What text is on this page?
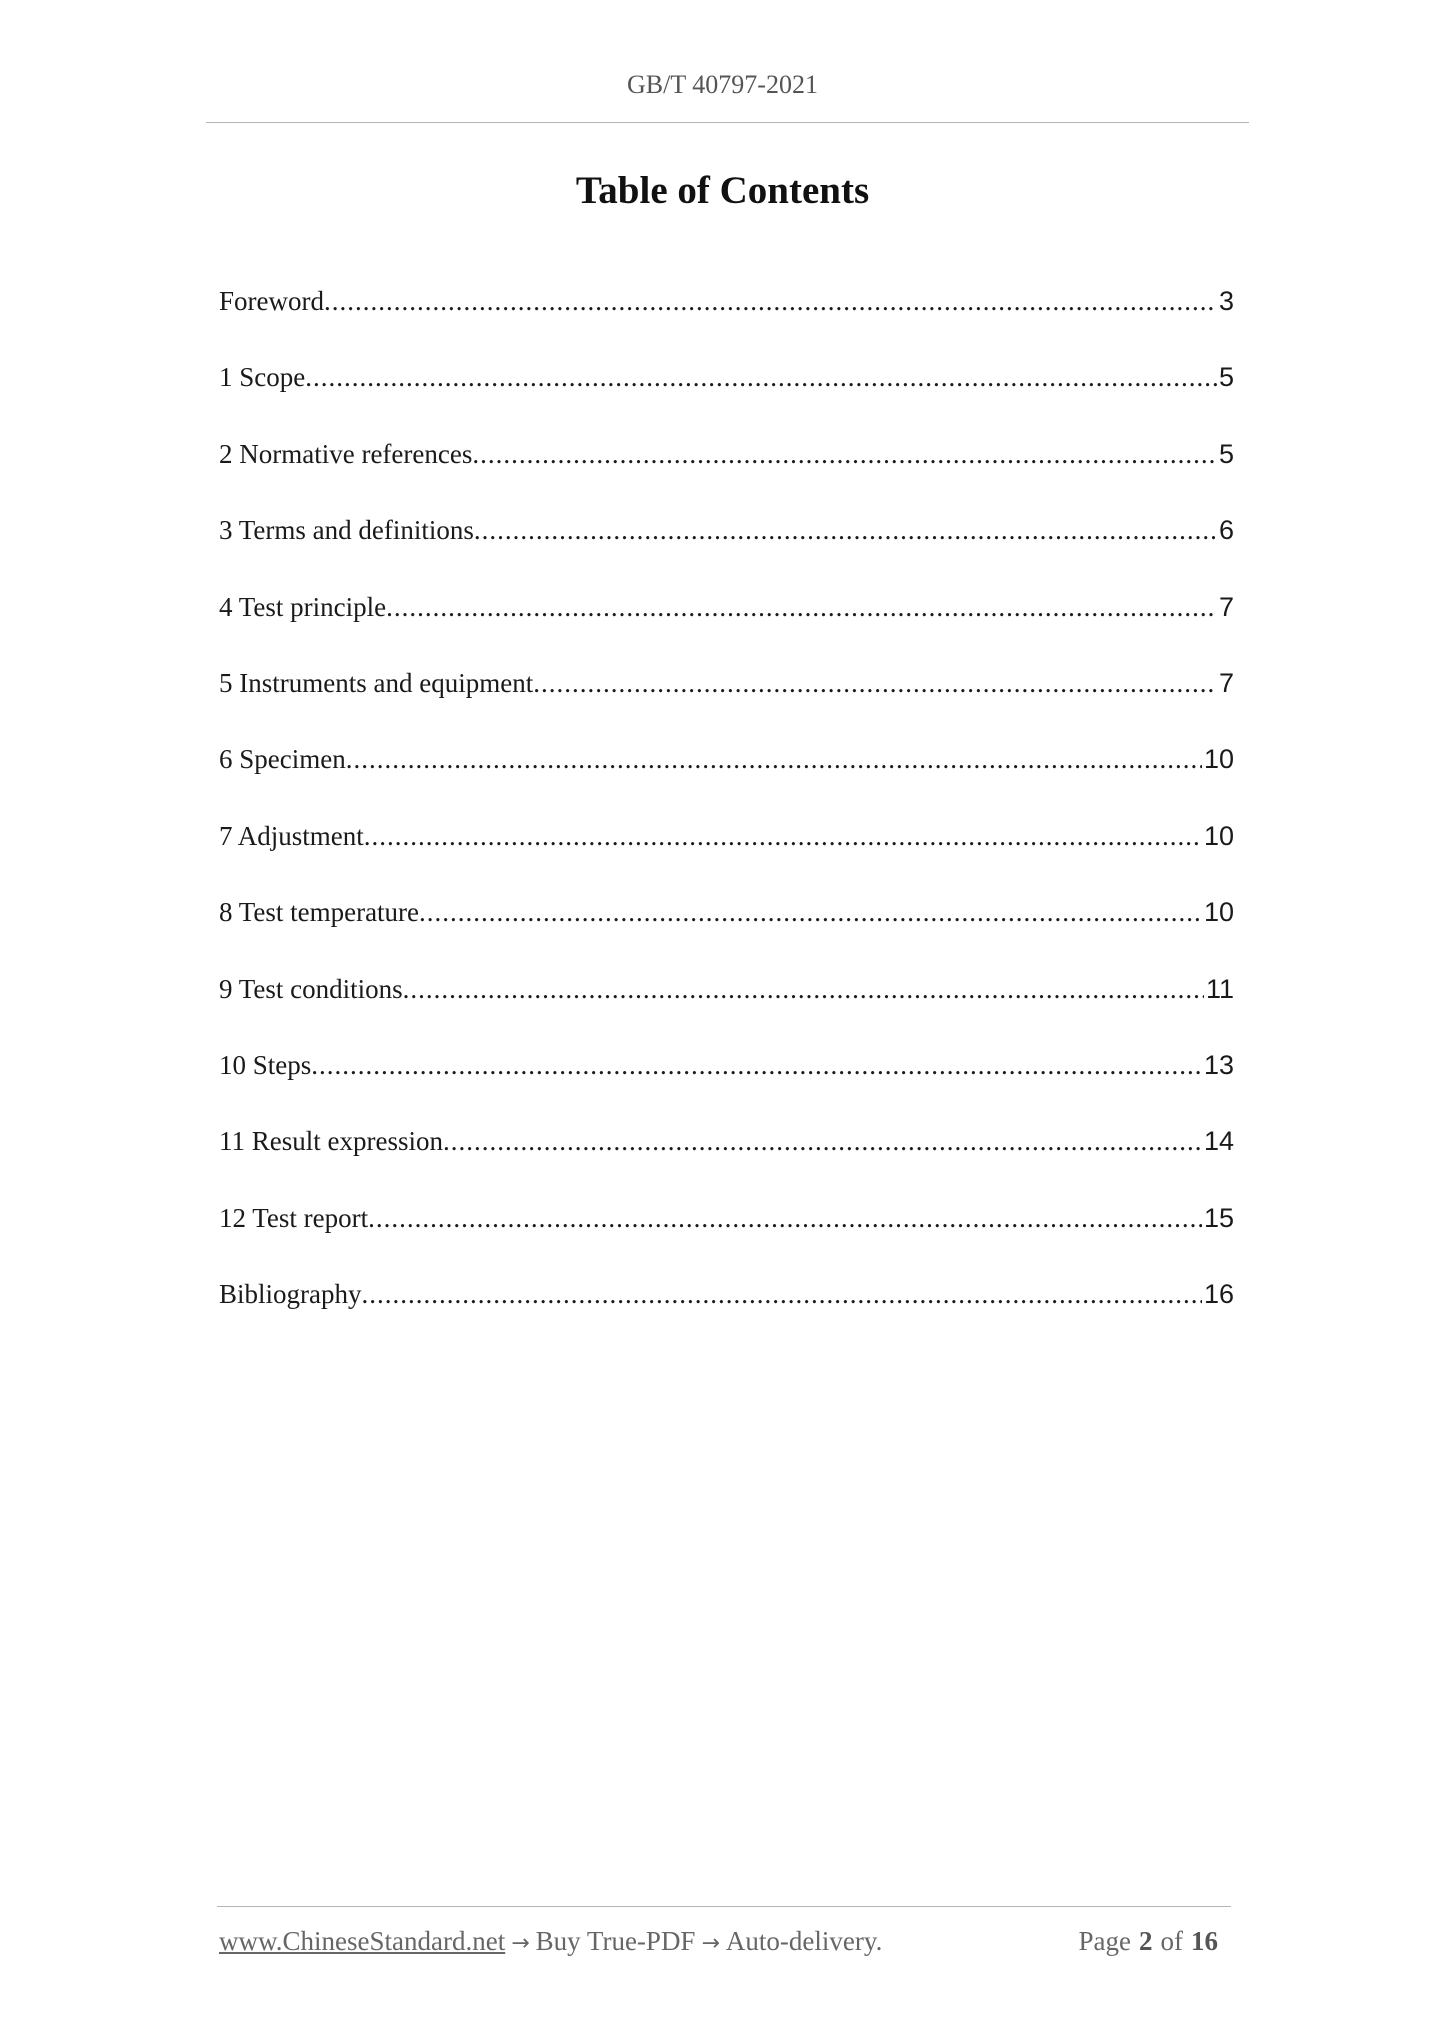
GB/T 40797-2021
Table of Contents
Foreword .....	3
1 Scope .....	5
2 Normative references .....	5
3 Terms and definitions .....	6
4 Test principle .....	7
5 Instruments and equipment .....	7
6 Specimen .....	10
7 Adjustment .....	10
8 Test temperature .....	10
9 Test conditions .....	11
10 Steps .....	13
11 Result expression .....	14
12 Test report .....	15
Bibliography .....	16
www.ChineseStandard.net → Buy True-PDF → Auto-delivery.	Page 2 of 16
